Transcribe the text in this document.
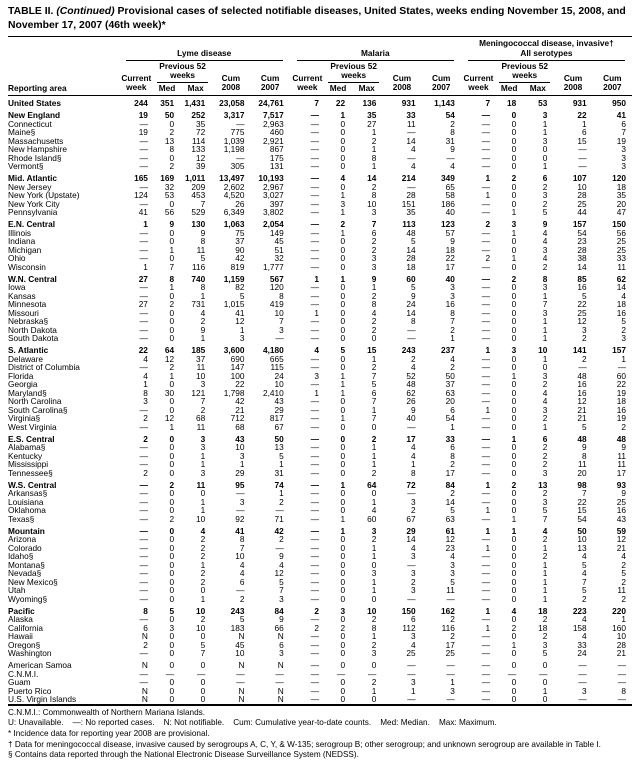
TABLE II. (Continued) Provisional cases of selected notifiable diseases, United States, weeks ending November 15, 2008, and November 17, 2007 (46th week)*
Reporting area	Lyme disease					Malaria					Meningococcal disease, invasive†
All serotypes				

	Current week	Previous 52 weeks		Cum 2008	Cum 2007	Current week	Previous 52 weeks		Cum 2008	Cum 2007	Current week	Previous 52 weeks		Cum 2008	Cum 2007
		Med	Max				Med	Max				Med	Max		
United States	244	351	1,431	23,058	24,761	7	22	136	931	1,143	7	18	53	931	950
New England	19	50	252	3,317	7,517	—	1	35	33	54	—	0	3	22	41
Connecticut	—	0	35	—	2,963	—	0	27	11	2	—	0	1	1	6
Maine§	19	2	72	775	460	—	0	1	—	8	—	0	1	6	7
Massachusetts	—	13	114	1,039	2,921	—	0	2	14	31	—	0	3	15	19
New Hampshire	—	8	133	1,198	867	—	0	1	4	9	—	0	0	—	3
Rhode Island§	—	0	12	—	175	—	0	8	—	—	—	0	0	—	3
Vermont§	—	2	39	305	131	—	0	1	4	4	—	0	1	—	3
Mid. Atlantic	165	169	1,011	13,497	10,193	—	4	14	214	349	1	2	6	107	120
New Jersey	—	32	209	2,602	2,967	—	0	2	—	65	—	0	2	10	18
New York (Upstate)	124	53	453	4,520	3,027	—	1	8	28	58	1	0	3	28	35
New York City	—	0	7	26	397	—	3	10	151	186	—	0	2	25	20
Pennsylvania	41	56	529	6,349	3,802	—	1	3	35	40	—	1	5	44	47
E.N. Central	1	9	130	1,063	2,054	—	2	7	113	123	2	3	9	157	150
Illinois	—	0	9	75	149	—	1	6	48	57	—	1	4	54	56
Indiana	—	0	8	37	45	—	0	2	5	9	—	0	4	23	25
Michigan	—	1	11	90	51	—	0	2	14	18	—	0	3	28	25
Ohio	—	0	5	42	32	—	0	3	28	22	2	1	4	38	33
Wisconsin	1	7	116	819	1,777	—	0	3	18	17	—	0	2	14	11
W.N. Central	27	8	740	1,159	567	1	1	9	60	40	—	2	8	85	62
Iowa	—	1	8	82	120	—	0	1	5	3	—	0	3	16	14
Kansas	—	0	1	5	8	—	0	2	9	3	—	0	1	5	4
Minnesota	27	2	731	1,015	419	—	0	8	24	16	—	0	7	22	18
Missouri	—	0	4	41	10	1	0	4	14	8	—	0	3	25	16
Nebraska§	—	0	2	12	7	—	0	2	8	7	—	0	1	12	5
North Dakota	—	0	9	1	3	—	0	2	—	2	—	0	1	3	2
South Dakota	—	0	1	3	—	—	0	0	—	1	—	0	1	2	3
S. Atlantic	22	64	185	3,600	4,180	4	5	15	243	237	1	3	10	141	157
Delaware	4	12	37	690	665	—	0	1	2	4	—	0	1	2	1
District of Columbia	—	2	11	147	115	—	0	2	4	2	—	0	0	—	—
Florida	4	1	10	100	24	3	1	7	52	50	—	1	3	48	60
Georgia	1	0	3	22	10	—	1	5	48	37	—	0	2	16	22
Maryland§	8	30	121	1,798	2,410	1	1	6	62	63	—	0	4	16	19
North Carolina	3	0	7	42	43	—	0	7	26	20	—	0	4	12	18
South Carolina§	—	0	2	21	29	—	0	1	9	6	1	0	3	21	16
Virginia§	2	12	68	712	817	—	1	7	40	54	—	0	2	21	19
West Virginia	—	1	11	68	67	—	0	0	—	1	—	0	1	5	2
E.S. Central	2	0	3	43	50	—	0	2	17	33	—	1	6	48	48
Alabama§	—	0	3	10	13	—	0	1	4	6	—	0	2	9	9
Kentucky	—	0	1	3	5	—	0	1	4	8	—	0	2	8	11
Mississippi	—	0	1	1	1	—	0	1	1	2	—	0	2	11	11
Tennessee§	2	0	3	29	31	—	0	2	8	17	—	0	3	20	17
W.S. Central	—	2	11	95	74	—	1	64	72	84	1	2	13	98	93
Arkansas§	—	0	0	—	1	—	0	0	—	2	—	0	2	7	9
Louisiana	—	0	1	3	2	—	0	1	3	14	—	0	3	22	25
Oklahoma	—	0	1	—	—	—	0	4	2	5	1	0	5	15	16
Texas§	—	2	10	92	71	—	1	60	67	63	—	1	7	54	43
Mountain	—	0	4	41	42	—	1	3	29	61	1	1	4	50	59
Arizona	—	0	2	8	2	—	0	2	14	12	—	0	2	10	12
Colorado	—	0	2	7	—	—	0	1	4	23	1	0	1	13	21
Idaho§	—	0	2	10	9	—	0	1	3	4	—	0	2	4	4
Montana§	—	0	1	4	4	—	0	0	—	3	—	0	1	5	2
Nevada§	—	0	2	4	12	—	0	3	3	3	—	0	1	4	5
New Mexico§	—	0	2	6	5	—	0	1	2	5	—	0	1	7	2
Utah	—	0	0	—	7	—	0	1	3	11	—	0	1	5	11
Wyoming§	—	0	1	2	3	—	0	0	—	—	—	0	1	2	2
Pacific	8	5	10	243	84	2	3	10	150	162	1	4	18	223	220
Alaska	—	0	2	5	9	—	0	2	6	2	—	0	2	4	1
California	6	3	10	183	66	2	2	8	112	116	1	2	18	158	160
Hawaii	N	0	0	N	N	—	0	1	3	2	—	0	2	4	10
Oregon§	2	0	5	45	6	—	0	2	4	17	—	1	3	33	28
Washington	—	0	7	10	3	—	0	3	25	25	—	0	5	24	21
American Samoa	N	0	0	N	N	—	0	0	—	—	—	0	0	—	—
C.N.M.I.	—	—	—	—	—	—	—	—	—	—	—	—	—	—	—
Guam	—	0	0	—	—	—	0	2	3	1	—	0	0	—	—
Puerto Rico	N	0	0	N	N	—	0	1	1	3	—	0	1	3	8
U.S. Virgin Islands	N	0	0	N	N	—	0	0	—	—	—	0	0	—	—
C.N.M.I.: Commonwealth of Northern Mariana Islands.
U: Unavailable.    —: No reported cases.    N: Not notifiable.    Cum: Cumulative year-to-date counts.    Med: Median.    Max: Maximum.
* Incidence data for reporting year 2008 are provisional.
† Data for meningococcal disease, invasive caused by serogroups A, C, Y, & W-135; serogroup B; other serogroup; and unknown serogroup are available in Table I.
§ Contains data reported through the National Electronic Disease Surveillance System (NEDSS).
